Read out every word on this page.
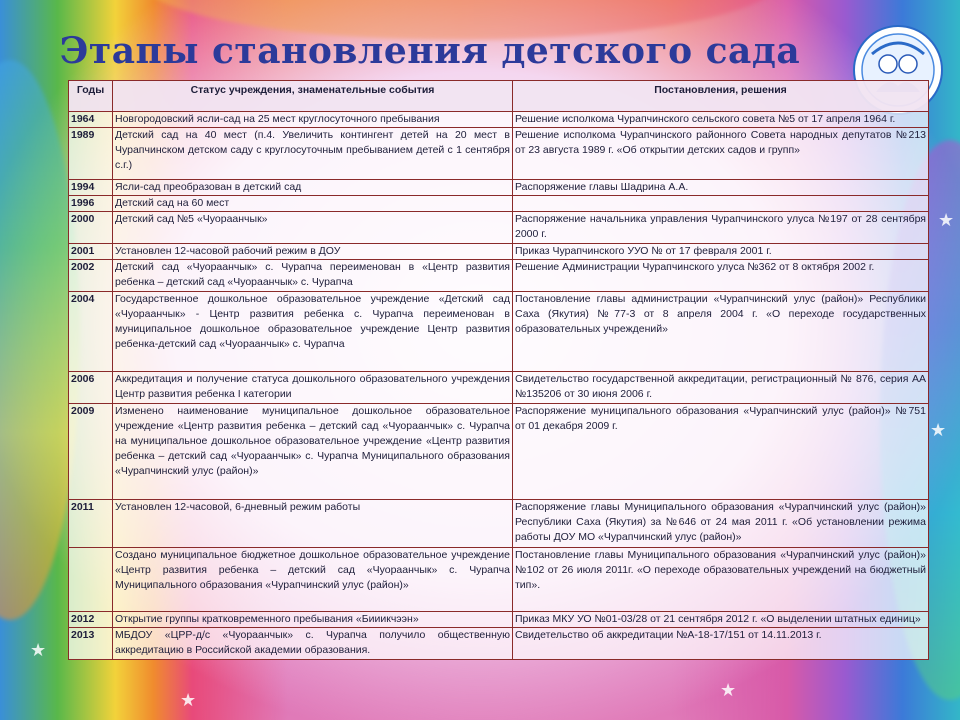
★
★	★
★
★
Этапы становления детского сада
Годы	Статус учреждения, знаменательные события	Постановления, решения
1964	Новгородовский ясли-сад на 25 мест круглосуточного пребывания	Решение исполкома Чурапчинского сельского совета №5 от 17 апреля 1964 г.
1989	Детский сад на 40 мест (п.4. Увеличить контингент детей на 20 мест в Чурапчинском детском саду с круглосуточным пребыванием детей с 1 сентября с.г.)	Решение исполкома Чурапчинского районного Совета народных депутатов №213 от 23 августа 1989 г. «Об открытии детских садов и групп»
1994	Ясли-сад преобразован в детский сад	Распоряжение главы Шадрина А.А.
1996	Детский сад на 60 мест	
2000	Детский сад №5 «Чуораанчык»	Распоряжение начальника управления Чурапчинского улуса №197 от 28 сентября 2000 г.
2001	Установлен 12-часовой рабочий режим в ДОУ	Приказ Чурапчинского УУО № от 17 февраля 2001 г.
2002	Детский сад «Чуораанчык» с. Чурапча переименован в «Центр развития ребенка – детский сад «Чуораанчык» с. Чурапча	Решение Администрации Чурапчинского улуса №362 от 8 октября 2002 г.
2004	Государственное дошкольное образовательное учреждение «Детский сад «Чуораанчык» - Центр развития ребенка с. Чурапча переименован в муниципальное дошкольное образовательное учреждение Центр развития ребенка-детский сад «Чуораанчык» с. Чурапча	Постановление главы администрации «Чурапчинский улус (район)» Республики Саха (Якутия) №77-3 от 8 апреля 2004 г. «О переходе государственных образовательных учреждений»
2006	Аккредитация и получение статуса дошкольного образовательного учреждения Центр развития ребенка I категории	Свидетельство государственной аккредитации, регистрационный № 876, серия АА №135206 от 30 июня 2006 г.
2009	Изменено наименование муниципальное дошкольное образовательное учреждение «Центр развития ребенка – детский сад «Чуораанчык» с. Чурапча на муниципальное дошкольное образовательное учреждение «Центр развития ребенка – детский сад «Чуораанчык» с. Чурапча Муниципального образования «Чурапчинский улус (район)»	Распоряжение муниципального образования «Чурапчинский улус (район)» №751 от 01 декабря 2009 г.
2011	Установлен 12-часовой, 6-дневный режим работы	Распоряжение главы Муниципального образования «Чурапчинский улус (район)» Республики Саха (Якутия) за №646 от 24 мая 2011 г. «Об установлении режима работы ДОУ МО «Чурапчинский улус (район)»
	Создано муниципальное бюджетное дошкольное образовательное учреждение «Центр развития ребенка – детский сад «Чуораанчык» с. Чурапча Муниципального образования «Чурапчинский улус (район)»	Постановление главы Муниципального образования «Чурапчинский улус (район)» №102 от 26 июля 2011г. «О переходе образовательных учреждений на бюджетный тип».
2012	Открытие группы кратковременного пребывания «Бииикчээн»	Приказ МКУ УО №01-03/28 от 21 сентября 2012 г. «О выделении штатных единиц»
2013	МБДОУ «ЦРР-д/с «Чуораанчык» с. Чурапча получило общественную аккредитацию в Российской академии образования.	Свидетельство об аккредитации №А-18-17/151 от 14.11.2013 г.
